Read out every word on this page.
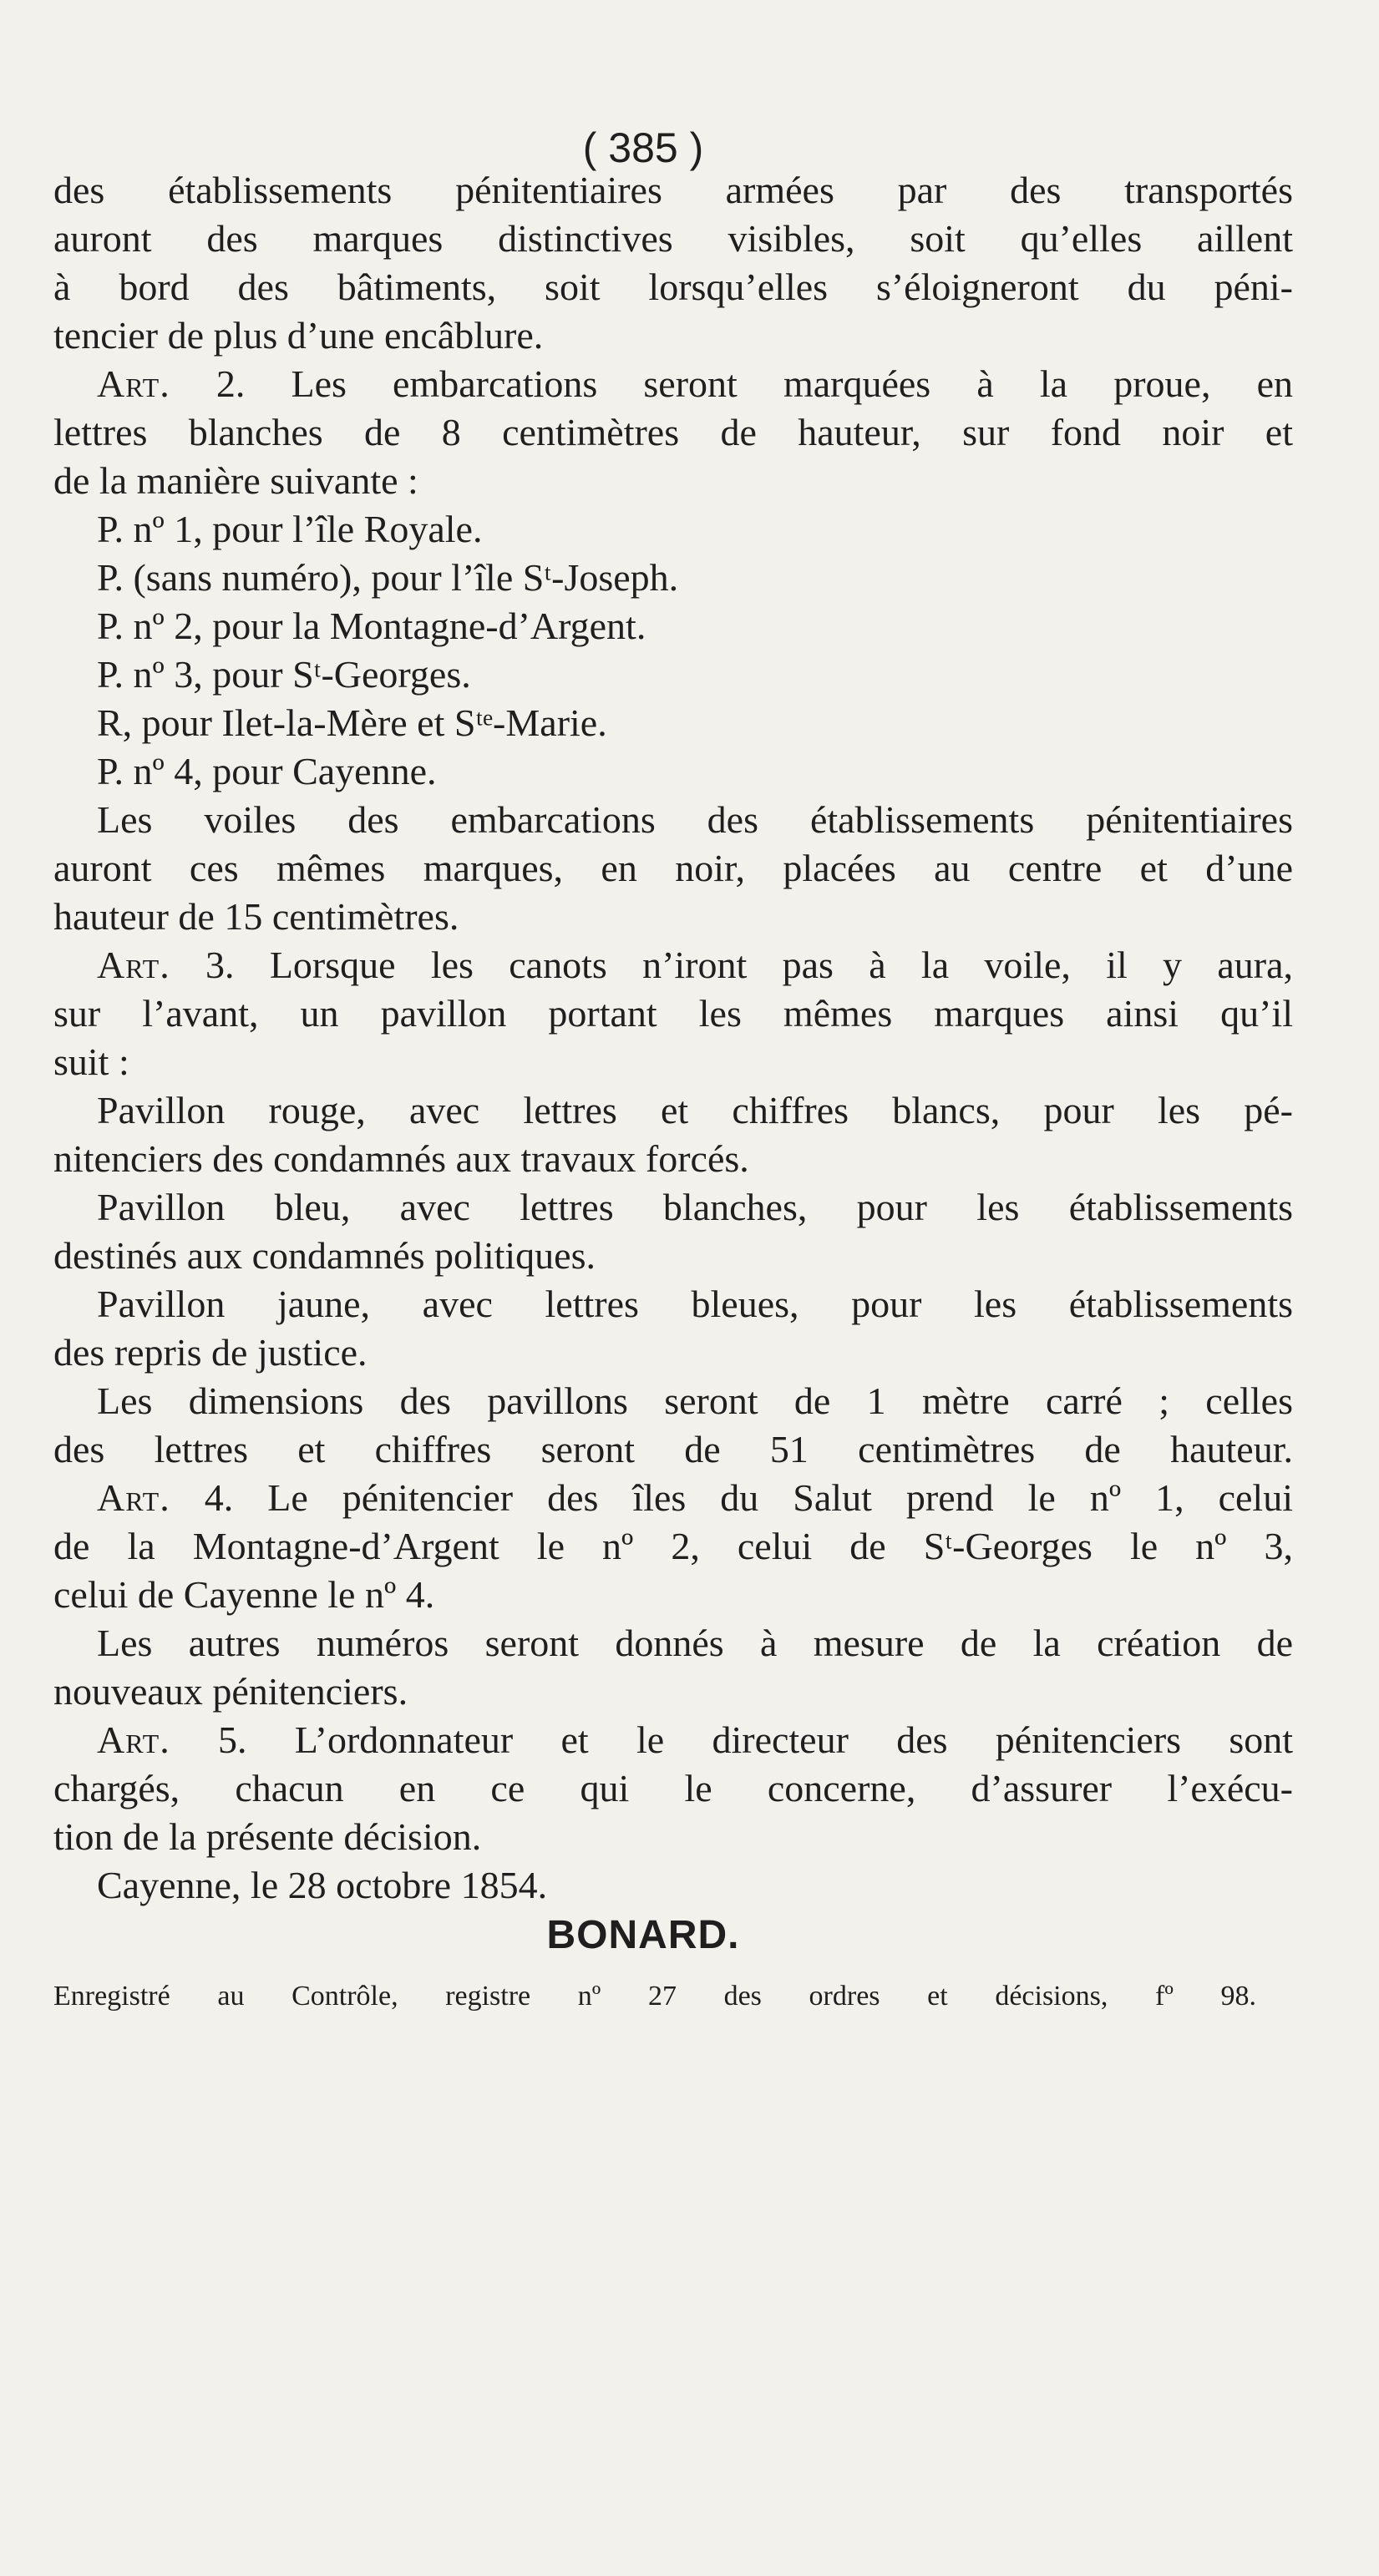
( 385 )
des établissements pénitentiaires armées par des transportés
auront des marques distinctives visibles, soit qu’elles aillent
à bord des bâtiments, soit lorsqu’elles s’éloigneront du péni-
tencier de plus d’une encâblure.
Art. 2. Les embarcations seront marquées à la proue, en
lettres blanches de 8 centimètres de hauteur, sur fond noir et
de la manière suivante :
P. nº 1, pour l’île Royale.
P. (sans numéro), pour l’île Sᵗ-Joseph.
P. nº 2, pour la Montagne-d’Argent.
P. nº 3, pour Sᵗ-Georges.
R, pour Ilet-la-Mère et Sᵗᵉ-Marie.
P. nº 4, pour Cayenne.
Les voiles des embarcations des établissements pénitentiaires
auront ces mêmes marques, en noir, placées au centre et d’une
hauteur de 15 centimètres.
Art. 3. Lorsque les canots n’iront pas à la voile, il y aura,
sur l’avant, un pavillon portant les mêmes marques ainsi qu’il
suit :
Pavillon rouge, avec lettres et chiffres blancs, pour les pé-
nitenciers des condamnés aux travaux forcés.
Pavillon bleu, avec lettres blanches, pour les établissements
destinés aux condamnés politiques.
Pavillon jaune, avec lettres bleues, pour les établissements
des repris de justice.
Les dimensions des pavillons seront de 1 mètre carré ; celles
des lettres et chiffres seront de 51 centimètres de hauteur.
Art. 4. Le pénitencier des îles du Salut prend le nº 1, celui
de la Montagne-d’Argent le nº 2, celui de Sᵗ-Georges le nº 3,
celui de Cayenne le nº 4.
Les autres numéros seront donnés à mesure de la création de
nouveaux pénitenciers.
Art. 5. L’ordonnateur et le directeur des pénitenciers sont
chargés, chacun en ce qui le concerne, d’assurer l’exécu-
tion de la présente décision.
Cayenne, le 28 octobre 1854.
BONARD.
Enregistré au Contrôle, registre nº 27 des ordres et décisions, fº 98.
